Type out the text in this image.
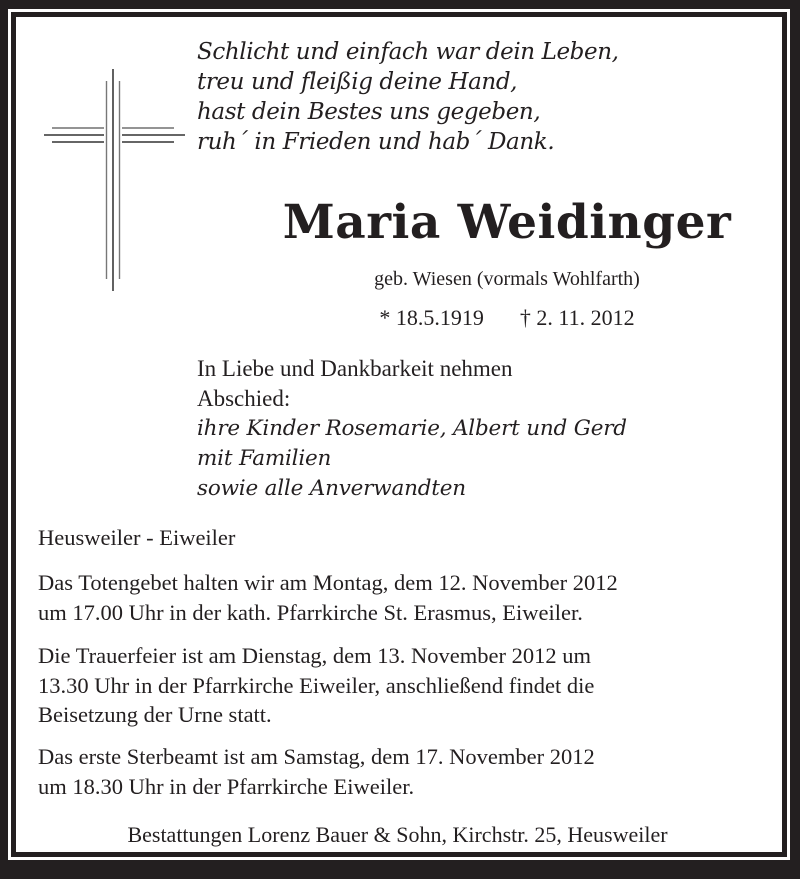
Schlicht und einfach war dein Leben,
treu und fleißig deine Hand,
hast dein Bestes uns gegeben,
ruh´ in Frieden und hab´ Dank.
Maria Weidinger
geb. Wiesen (vormals Wohlfarth)
* 18.5.1919 † 2. 11. 2012
In Liebe und Dankbarkeit nehmen
Abschied:
ihre Kinder Rosemarie, Albert und Gerd
mit Familien
sowie alle Anverwandten
Heusweiler - Eiweiler
Das Totengebet halten wir am Montag, dem 12. November 2012
um 17.00 Uhr in der kath. Pfarrkirche St. Erasmus, Eiweiler.
Die Trauerfeier ist am Dienstag, dem 13. November 2012 um
13.30 Uhr in der Pfarrkirche Eiweiler, anschließend findet die
Beisetzung der Urne statt.
Das erste Sterbeamt ist am Samstag, dem 17. November 2012
um 18.30 Uhr in der Pfarrkirche Eiweiler.
Bestattungen Lorenz Bauer & Sohn, Kirchstr. 25, Heusweiler
